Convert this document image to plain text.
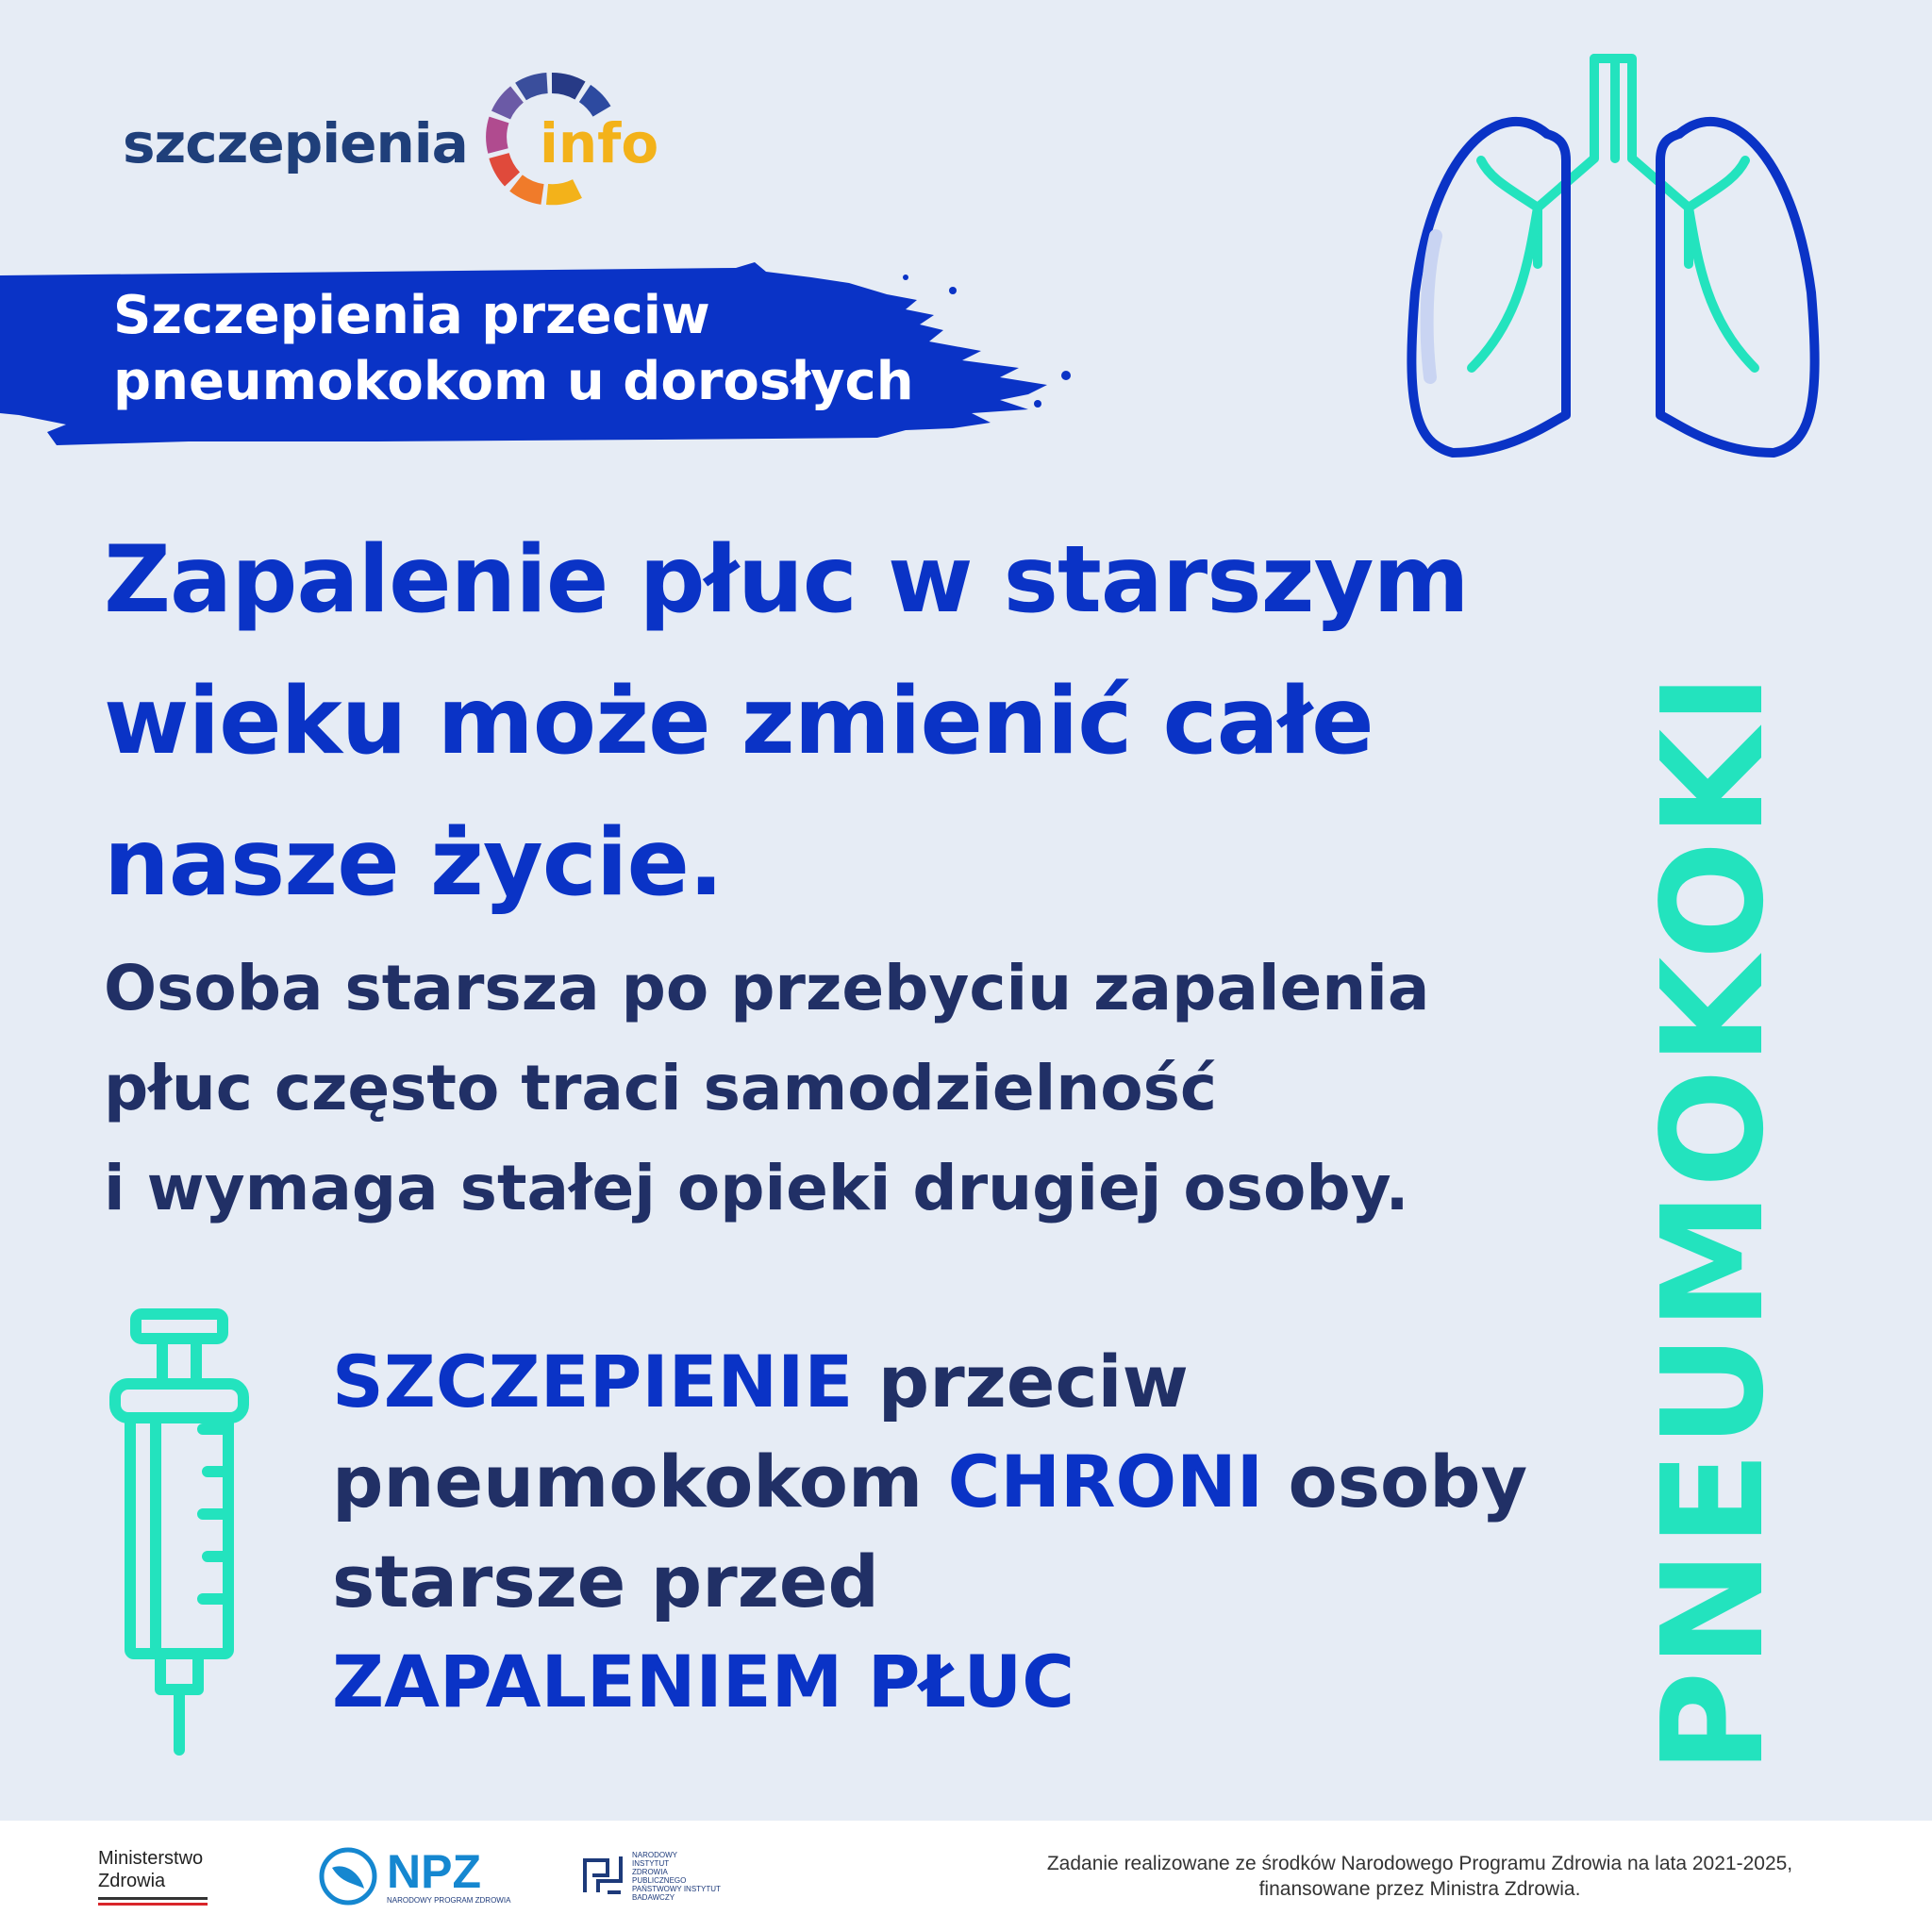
szczepienia info
Szczepienia przeciw
pneumokokom u dorosłych
Zapalenie płuc w starszym
wieku może zmienić całe
nasze życie.
Osoba starsza po przebyciu zapalenia
płuc często traci samodzielność
i wymaga stałej opieki drugiej osoby.
SZCZEPIENIE przeciw
pneumokokom CHRONI osoby
starsze przed
ZAPALENIEM PŁUC	PNEUMOKOKI
Ministerstwo
Zdrowia	NPZ
NARODOWY PROGRAM ZDROWIA
NARODOWY
INSTYTUT
ZDROWIA
PUBLICZNEGO
PAŃSTWOWY INSTYTUT
BADAWCZY
Zadanie realizowane ze środków Narodowego Programu Zdrowia na lata 2021-2025,
finansowane przez Ministra Zdrowia.
